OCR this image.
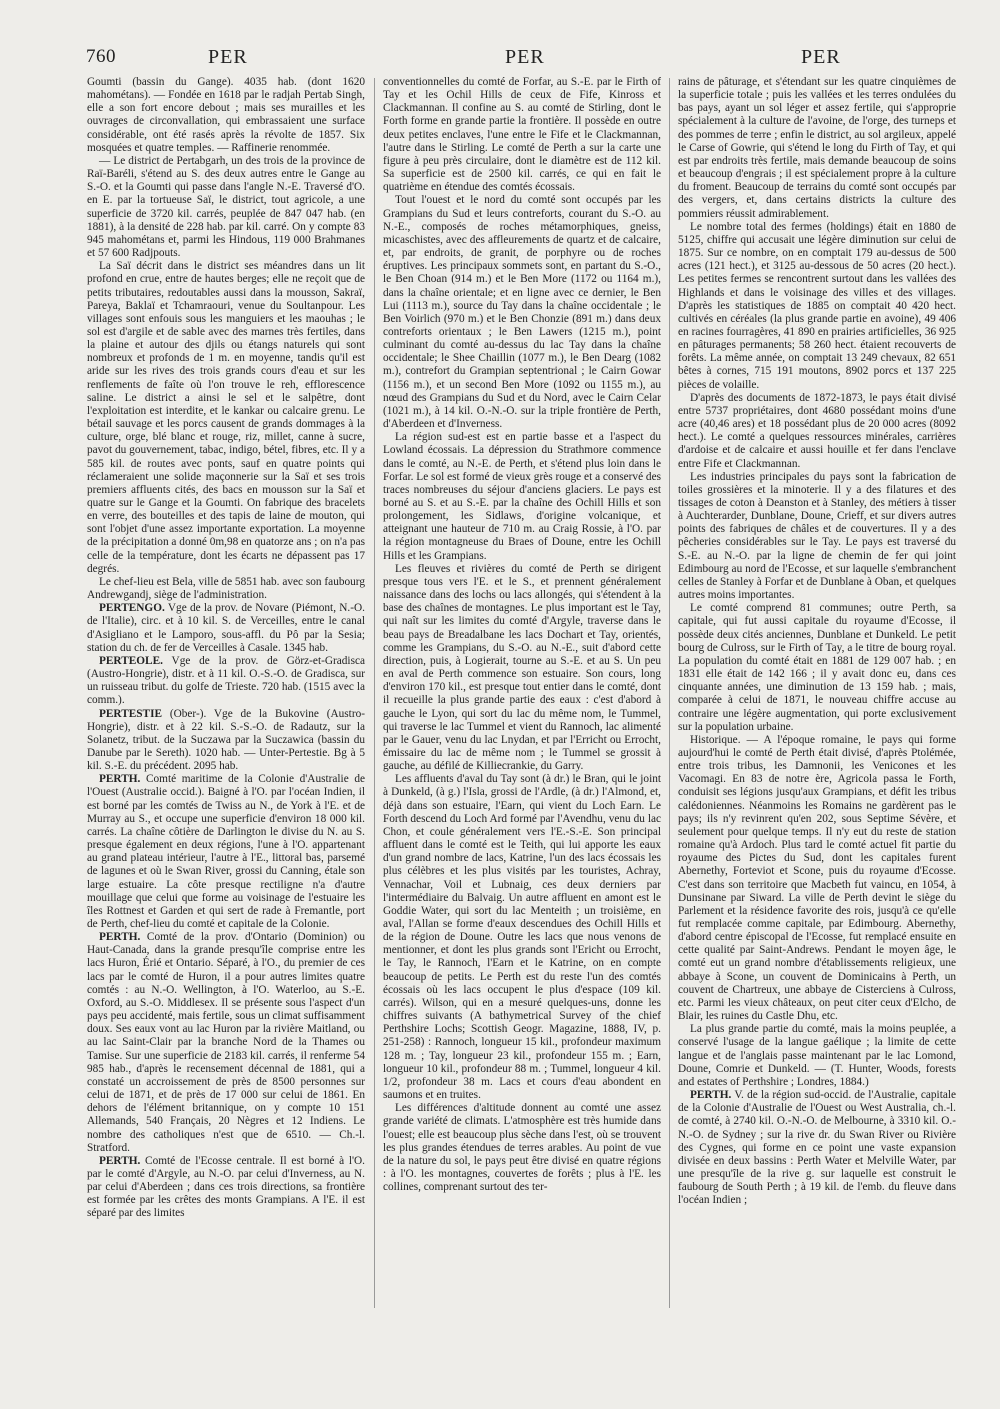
760	PER	PER	PER

Goumti (bassin du Gange). 4035 hab. (dont 1620 mahométans). — Fondée en 1618 par le radjah Pertab Singh, elle a son fort encore debout ; mais ses murailles et les ouvrages de circonvallation, qui embrassaient une surface considérable, ont été rasés après la révolte de 1857. Six mosquées et quatre temples. — Raffinerie renommée.

— Le district de Pertabgarh, un des trois de la province de Raï-Baréli, s'étend au S. des deux autres entre le Gange au S.-O. et la Goumti qui passe dans l'angle N.-E. Traversé d'O. en E. par la tortueuse Saï, le district, tout agricole, a une superficie de 3720 kil. carrés, peuplée de 847 047 hab. (en 1881), à la densité de 228 hab. par kil. carré. On y compte 83 945 mahométans et, parmi les Hindous, 119 000 Brahmanes et 57 600 Radjpouts.

La Saï décrit dans le district ses méandres dans un lit profond en crue, entre de hautes berges; elle ne reçoit que de petits tributaires, redoutables aussi dans la mousson, Sakraï, Pareya, Baklaï et Tchamraouri, venue du Soultanpour. Les villages sont enfouis sous les manguiers et les maouhas ; le sol est d'argile et de sable avec des marnes très fertiles, dans la plaine et autour des djils ou étangs naturels qui sont nombreux et profonds de 1 m. en moyenne, tandis qu'il est aride sur les rives des trois grands cours d'eau et sur les renflements de faîte où l'on trouve le reh, efflorescence saline. Le district a ainsi le sel et le salpêtre, dont l'exploitation est interdite, et le kankar ou calcaire grenu. Le bétail sauvage et les porcs causent de grands dommages à la culture, orge, blé blanc et rouge, riz, millet, canne à sucre, pavot du gouvernement, tabac, indigo, bétel, fibres, etc. Il y a 585 kil. de routes avec ponts, sauf en quatre points qui réclameraient une solide maçonnerie sur la Saï et ses trois premiers affluents cités, des bacs en mousson sur la Saï et quatre sur le Gange et la Goumti. On fabrique des bracelets en verre, des bouteilles et des tapis de laine de mouton, qui sont l'objet d'une assez importante exportation. La moyenne de la précipitation a donné 0m,98 en quatorze ans ; on n'a pas celle de la température, dont les écarts ne dépassent pas 17 degrés.

Le chef-lieu est Bela, ville de 5851 hab. avec son faubourg Andrewgandj, siège de l'administration.

PERTENGO. Vge de la prov. de Novare (Piémont, N.-O. de l'Italie), circ. et à 10 kil. S. de Verceilles, entre le canal d'Asigliano et le Lamporo, sous-affl. du Pô par la Sesia; station du ch. de fer de Verceilles à Casale. 1345 hab.

PERTEOLE. Vge de la prov. de Görz-et-Gradisca (Austro-Hongrie), distr. et à 11 kil. O.-S.-O. de Gradisca, sur un ruisseau tribut. du golfe de Trieste. 720 hab. (1515 avec la comm.).

PERTESTIE (Ober-). Vge de la Bukovine (Austro-Hongrie), distr. et à 22 kil. S.-S.-O. de Radautz, sur la Solanetz, tribut. de la Suczawa par la Suczawica (bassin du Danube par le Sereth). 1020 hab. — Unter-Pertestie. Bg à 5 kil. S.-E. du précédent. 2095 hab.

PERTH. Comté maritime de la Colonie d'Australie de l'Ouest (Australie occid.). Baigné à l'O. par l'océan Indien, il est borné par les comtés de Twiss au N., de York à l'E. et de Murray au S., et occupe une superficie d'environ 18 000 kil. carrés. La chaîne côtière de Darlington le divise du N. au S. presque également en deux régions, l'une à l'O. appartenant au grand plateau intérieur, l'autre à l'E., littoral bas, parsemé de lagunes et où le Swan River, grossi du Canning, étale son large estuaire. La côte presque rectiligne n'a d'autre mouillage que celui que forme au voisinage de l'estuaire les îles Rottnest et Garden et qui sert de rade à Fremantle, port de Perth, chef-lieu du comté et capitale de la Colonie.

PERTH. Comté de la prov. d'Ontario (Dominion) ou Haut-Canada, dans la grande presqu'île comprise entre les lacs Huron, Érié et Ontario. Séparé, à l'O., du premier de ces lacs par le comté de Huron, il a pour autres limites quatre comtés : au N.-O. Wellington, à l'O. Waterloo, au S.-E. Oxford, au S.-O. Middlesex. Il se présente sous l'aspect d'un pays peu accidenté, mais fertile, sous un climat suffisamment doux. Ses eaux vont au lac Huron par la rivière Maitland, ou au lac Saint-Clair par la branche Nord de la Thames ou Tamise. Sur une superficie de 2183 kil. carrés, il renferme 54 985 hab., d'après le recensement décennal de 1881, qui a constaté un accroissement de près de 8500 personnes sur celui de 1871, et de près de 17 000 sur celui de 1861. En dehors de l'élément britannique, on y compte 10 151 Allemands, 540 Français, 20 Nègres et 12 Indiens. Le nombre des catholiques n'est que de 6510. — Ch.-l. Stratford.

PERTH. Comté de l'Ecosse centrale. Il est borné à l'O. par le comté d'Argyle, au N.-O. par celui d'Inverness, au N. par celui d'Aberdeen ; dans ces trois directions, sa frontière est formée par les crêtes des monts Grampians. A l'E. il est séparé par des limites

conventionnelles du comté de Forfar, au S.-E. par le Firth of Tay et les Ochil Hills de ceux de Fife, Kinross et Clackmannan. Il confine au S. au comté de Stirling, dont le Forth forme en grande partie la frontière. Il possède en outre deux petites enclaves, l'une entre le Fife et le Clackmannan, l'autre dans le Stirling. Le comté de Perth a sur la carte une figure à peu près circulaire, dont le diamètre est de 112 kil. Sa superficie est de 2500 kil. carrés, ce qui en fait le quatrième en étendue des comtés écossais.

Tout l'ouest et le nord du comté sont occupés par les Grampians du Sud et leurs contreforts, courant du S.-O. au N.-E., composés de roches métamorphiques, gneiss, micaschistes, avec des affleurements de quartz et de calcaire, et, par endroits, de granit, de porphyre ou de roches éruptives. Les principaux sommets sont, en partant du S.-O., le Ben Choan (914 m.) et le Ben More (1172 ou 1164 m.), dans la chaîne orientale; et en ligne avec ce dernier, le Ben Lui (1113 m.), source du Tay dans la chaîne occidentale ; le Ben Voirlich (970 m.) et le Ben Chonzie (891 m.) dans deux contreforts orientaux ; le Ben Lawers (1215 m.), point culminant du comté au-dessus du lac Tay dans la chaîne occidentale; le Shee Chaillin (1077 m.), le Ben Dearg (1082 m.), contrefort du Grampian septentrional ; le Cairn Gowar (1156 m.), et un second Ben More (1092 ou 1155 m.), au nœud des Grampians du Sud et du Nord, avec le Cairn Celar (1021 m.), à 14 kil. O.-N.-O. sur la triple frontière de Perth, d'Aberdeen et d'Inverness.

La région sud-est est en partie basse et a l'aspect du Lowland écossais. La dépression du Strathmore commence dans le comté, au N.-E. de Perth, et s'étend plus loin dans le Forfar. Le sol est formé de vieux grès rouge et a conservé des traces nombreuses du séjour d'anciens glaciers. Le pays est borné au S. et au S.-E. par la chaîne des Ochill Hills et son prolongement, les Sidlaws, d'origine volcanique, et atteignant une hauteur de 710 m. au Craig Rossie, à l'O. par la région montagneuse du Braes of Doune, entre les Ochill Hills et les Grampians.

Les fleuves et rivières du comté de Perth se dirigent presque tous vers l'E. et le S., et prennent généralement naissance dans des lochs ou lacs allongés, qui s'étendent à la base des chaînes de montagnes. Le plus important est le Tay, qui naît sur les limites du comté d'Argyle, traverse dans le beau pays de Breadalbane les lacs Dochart et Tay, orientés, comme les Grampians, du S.-O. au N.-E., suit d'abord cette direction, puis, à Logierait, tourne au S.-E. et au S. Un peu en aval de Perth commence son estuaire. Son cours, long d'environ 170 kil., est presque tout entier dans le comté, dont il recueille la plus grande partie des eaux : c'est d'abord à gauche le Lyon, qui sort du lac du même nom, le Tummel, qui traverse le lac Tummel et vient du Rannoch, lac alimenté par le Gauer, venu du lac Lnydan, et par l'Erricht ou Errocht, émissaire du lac de même nom ; le Tummel se grossit à gauche, au défilé de Killiecrankie, du Garry.

Les affluents d'aval du Tay sont (à dr.) le Bran, qui le joint à Dunkeld, (à g.) l'Isla, grossi de l'Ardle, (à dr.) l'Almond, et, déjà dans son estuaire, l'Earn, qui vient du Loch Earn. Le Forth descend du Loch Ard formé par l'Avendhu, venu du lac Chon, et coule généralement vers l'E.-S.-E. Son principal affluent dans le comté est le Teith, qui lui apporte les eaux d'un grand nombre de lacs, Katrine, l'un des lacs écossais les plus célèbres et les plus visités par les touristes, Achray, Vennachar, Voil et Lubnaig, ces deux derniers par l'intermédiaire du Balvaig. Un autre affluent en amont est le Goddie Water, qui sort du lac Menteith ; un troisième, en aval, l'Allan se forme d'eaux descendues des Ochill Hills et de la région de Doune. Outre les lacs que nous venons de mentionner, et dont les plus grands sont l'Ericht ou Errocht, le Tay, le Rannoch, l'Earn et le Katrine, on en compte beaucoup de petits. Le Perth est du reste l'un des comtés écossais où les lacs occupent le plus d'espace (109 kil. carrés). Wilson, qui en a mesuré quelques-uns, donne les chiffres suivants (A bathymetrical Survey of the chief Perthshire Lochs; Scottish Geogr. Magazine, 1888, IV, p. 251-258) : Rannoch, longueur 15 kil., profondeur maximum 128 m. ; Tay, longueur 23 kil., profondeur 155 m. ; Earn, longueur 10 kil., profondeur 88 m. ; Tummel, longueur 4 kil. 1/2, profondeur 38 m. Lacs et cours d'eau abondent en saumons et en truites.

Les différences d'altitude donnent au comté une assez grande variété de climats. L'atmosphère est très humide dans l'ouest; elle est beaucoup plus sèche dans l'est, où se trouvent les plus grandes étendues de terres arables. Au point de vue de la nature du sol, le pays peut être divisé en quatre régions : à l'O. les montagnes, couvertes de forêts ; plus à l'E. les collines, comprenant surtout des ter-

rains de pâturage, et s'étendant sur les quatre cinquièmes de la superficie totale ; puis les vallées et les terres ondulées du bas pays, ayant un sol léger et assez fertile, qui s'approprie spécialement à la culture de l'avoine, de l'orge, des turneps et des pommes de terre ; enfin le district, au sol argileux, appelé le Carse of Gowrie, qui s'étend le long du Firth of Tay, et qui est par endroits très fertile, mais demande beaucoup de soins et beaucoup d'engrais ; il est spécialement propre à la culture du froment. Beaucoup de terrains du comté sont occupés par des vergers, et, dans certains districts la culture des pommiers réussit admirablement.

Le nombre total des fermes (holdings) était en 1880 de 5125, chiffre qui accusait une légère diminution sur celui de 1875. Sur ce nombre, on en comptait 179 au-dessus de 500 acres (121 hect.), et 3125 au-dessous de 50 acres (20 hect.). Les petites fermes se rencontrent surtout dans les vallées des Highlands et dans le voisinage des villes et des villages. D'après les statistiques de 1885 on comptait 40 420 hect. cultivés en céréales (la plus grande partie en avoine), 49 406 en racines fourragères, 41 890 en prairies artificielles, 36 925 en pâturages permanents; 58 260 hect. étaient recouverts de forêts. La même année, on comptait 13 249 chevaux, 82 651 bêtes à cornes, 715 191 moutons, 8902 porcs et 137 225 pièces de volaille.

D'après des documents de 1872-1873, le pays était divisé entre 5737 propriétaires, dont 4680 possédant moins d'une acre (40,46 ares) et 18 possédant plus de 20 000 acres (8092 hect.). Le comté a quelques ressources minérales, carrières d'ardoise et de calcaire et aussi houille et fer dans l'enclave entre Fife et Clackmannan.

Les industries principales du pays sont la fabrication de toiles grossières et la minoterie. Il y a des filatures et des tissages de coton à Deanston et à Stanley, des métiers à tisser à Auchterarder, Dunblane, Doune, Crieff, et sur divers autres points des fabriques de châles et de couvertures. Il y a des pêcheries considérables sur le Tay. Le pays est traversé du S.-E. au N.-O. par la ligne de chemin de fer qui joint Edimbourg au nord de l'Ecosse, et sur laquelle s'embranchent celles de Stanley à Forfar et de Dunblane à Oban, et quelques autres moins importantes.

Le comté comprend 81 communes; outre Perth, sa capitale, qui fut aussi capitale du royaume d'Ecosse, il possède deux cités anciennes, Dunblane et Dunkeld. Le petit bourg de Culross, sur le Firth of Tay, a le titre de bourg royal. La population du comté était en 1881 de 129 007 hab. ; en 1831 elle était de 142 166 ; il y avait donc eu, dans ces cinquante années, une diminution de 13 159 hab. ; mais, comparée à celui de 1871, le nouveau chiffre accuse au contraire une légère augmentation, qui porte exclusivement sur la population urbaine.

Historique. — A l'époque romaine, le pays qui forme aujourd'hui le comté de Perth était divisé, d'après Ptolémée, entre trois tribus, les Damnonii, les Venicones et les Vacomagi. En 83 de notre ère, Agricola passa le Forth, conduisit ses légions jusqu'aux Grampians, et défit les tribus calédoniennes. Néanmoins les Romains ne gardèrent pas le pays; ils n'y revinrent qu'en 202, sous Septime Sévère, et seulement pour quelque temps. Il n'y eut du reste de station romaine qu'à Ardoch. Plus tard le comté actuel fit partie du royaume des Pictes du Sud, dont les capitales furent Abernethy, Forteviot et Scone, puis du royaume d'Ecosse. C'est dans son territoire que Macbeth fut vaincu, en 1054, à Dunsinane par Siward. La ville de Perth devint le siège du Parlement et la résidence favorite des rois, jusqu'à ce qu'elle fut remplacée comme capitale, par Edimbourg. Abernethy, d'abord centre épiscopal de l'Ecosse, fut remplacé ensuite en cette qualité par Saint-Andrews. Pendant le moyen âge, le comté eut un grand nombre d'établissements religieux, une abbaye à Scone, un couvent de Dominicains à Perth, un couvent de Chartreux, une abbaye de Cisterciens à Culross, etc. Parmi les vieux châteaux, on peut citer ceux d'Elcho, de Blair, les ruines du Castle Dhu, etc.

La plus grande partie du comté, mais la moins peuplée, a conservé l'usage de la langue gaélique ; la limite de cette langue et de l'anglais passe maintenant par le lac Lomond, Doune, Comrie et Dunkeld. — (T. Hunter, Woods, forests and estates of Perthshire ; Londres, 1884.)

PERTH. V. de la région sud-occid. de l'Australie, capitale de la Colonie d'Australie de l'Ouest ou West Australia, ch.-l. de comté, à 2740 kil. O.-N.-O. de Melbourne, à 3310 kil. O.-N.-O. de Sydney ; sur la rive dr. du Swan River ou Rivière des Cygnes, qui forme en ce point une vaste expansion divisée en deux bassins : Perth Water et Melville Water, par une presqu'île de la rive g. sur laquelle est construit le faubourg de South Perth ; à 19 kil. de l'emb. du fleuve dans l'océan Indien ;
